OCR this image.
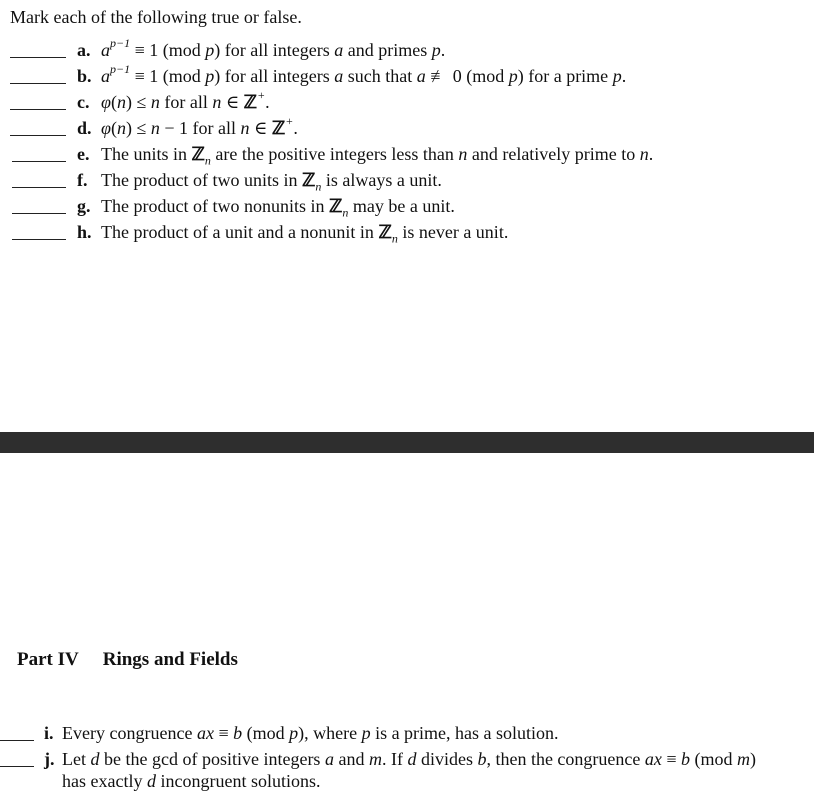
Mark each of the following true or false.
a. $a^{p-1} \equiv 1$ (mod p) for all integers a and primes p.
b. $a^{p-1} \equiv 1$ (mod p) for all integers a such that a ≢ 0 (mod p) for a prime p.
c. φ(n) ≤ n for all n ∈ ℤ+.
d. φ(n) ≤ n − 1 for all n ∈ ℤ+.
e. The units in ℤ$_n$ are the positive integers less than n and relatively prime to n.
f. The product of two units in ℤ$_n$ is always a unit.
g. The product of two nonunits in ℤ$_n$ may be a unit.
h. The product of a unit and a nonunit in ℤ$_n$ is never a unit.
Part IV Rings and Fields
i. Every congruence ax ≡ b (mod p), where p is a prime, has a solution.
j. Let d be the gcd of positive integers a and m. If d divides b, then the congruence ax ≡ b (mod m)
has exactly d incongruent solutions.
